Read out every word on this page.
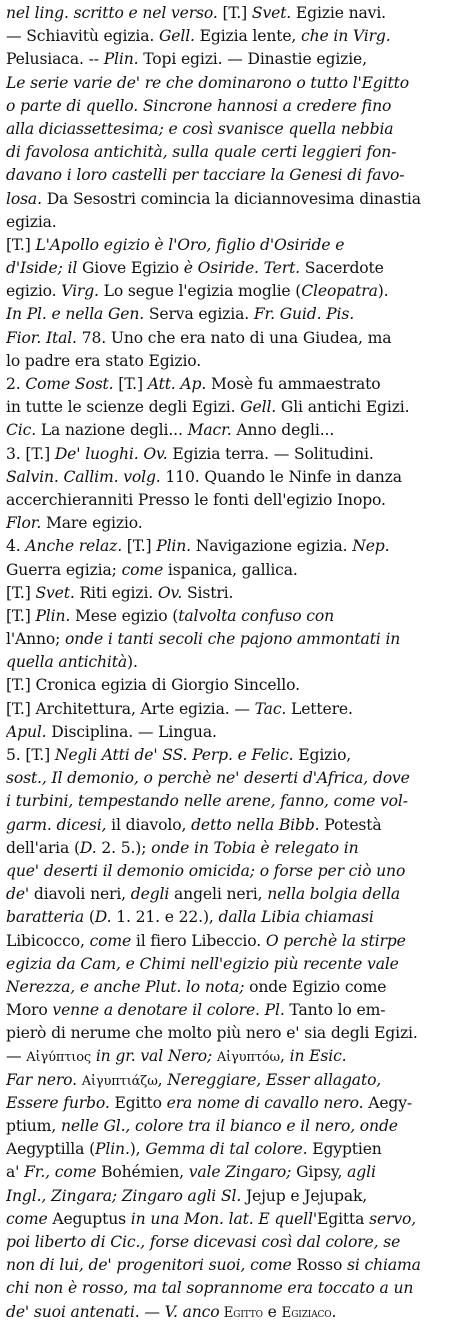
nel ling. scritto e nel verso. [T.] Svet. Egizie navi.
— Schiavitù egizia. Gell. Egizia lente, che in Virg.
Pelusiaca. -- Plin. Topi egizi. — Dinastie egizie,
Le serie varie de' re che dominarono o tutto l'Egitto
o parte di quello. Sincrone hannosi a credere fino
alla diciassettesima; e così svanisce quella nebbia
di favolosa antichità, sulla quale certi leggieri fon-
davano i loro castelli per tacciare la Genesi di favo-
losa. Da Sesostri comincia la diciannovesima dinastia
egizia.
[T.] L'Apollo egizio è l'Oro, figlio d'Osiride e
d'Iside; il Giove Egizio è Osiride. Tert. Sacerdote
egizio. Virg. Lo segue l'egizia moglie (Cleopatra).
In Pl. e nella Gen. Serva egizia. Fr. Guid. Pis.
Fior. Ital. 78. Uno che era nato di una Giudea, ma
lo padre era stato Egizio.
2. Come Sost. [T.] Att. Ap. Mosè fu ammaestrato
in tutte le scienze degli Egizi. Gell. Gli antichi Egizi.
Cic. La nazione degli... Macr. Anno degli...
3. [T.] De' luoghi. Ov. Egizia terra. — Solitudini.
Salvin. Callim. volg. 110. Quando le Ninfe in danza
accerchieranniti Presso le fonti dell'egizio Inopo.
Flor. Mare egizio.
4. Anche relaz. [T.] Plin. Navigazione egizia. Nep.
Guerra egizia; come ispanica, gallica.
[T.] Svet. Riti egizi. Ov. Sistri.
[T.] Plin. Mese egizio (talvolta confuso con
l'Anno; onde i tanti secoli che pajono ammontati in
quella antichità).
[T.] Cronica egizia di Giorgio Sincello.
[T.] Architettura, Arte egizia. — Tac. Lettere.
Apul. Disciplina. — Lingua.
5. [T.] Negli Atti de' SS. Perp. e Felic. Egizio,
sost., Il demonio, o perchè ne' deserti d'Africa, dove
i turbini, tempestando nelle arene, fanno, come vol-
garm. dicesi, il diavolo, detto nella Bibb. Potestà
dell'aria (D. 2. 5.); onde in Tobia è relegato in
que' deserti il demonio omicida; o forse per ciò uno
de' diavoli neri, degli angeli neri, nella bolgia della
baratteria (D. 1. 21. e 22.), dalla Libia chiamasi
Libicocco, come il fiero Libeccio. O perchè la stirpe
egizia da Cam, e Chimi nell'egizio più recente vale
Nerezza, e anche Plut. lo nota; onde Egizio come
Moro venne a denotare il colore. Pl. Tanto lo em-
pierò di nerume che molto più nero e' sia degli Egizi.
— Αἰγύπτιος in gr. val Nero; Αἰγυπτόω, in Esic.
Far nero. Αἰγυπτιάζω, Nereggiare, Esser allagato,
Essere furbo. Egitto era nome di cavallo nero. Aegy-
ptium, nelle Gl., colore tra il bianco e il nero, onde
Aegyptilla (Plin.), Gemma di tal colore. Egyptien
a' Fr., come Bohémien, vale Zingaro; Gipsy, agli
Ingl., Zingara; Zingaro agli Sl. Jejup e Jejupak,
come Aeguptus in una Mon. lat. E quell'Egitta servo,
poi liberto di Cic., forse dicevasi così dal colore, se
non di lui, de' progenitori suoi, come Rosso si chiama
chi non è rosso, ma tal soprannome era toccato a un
de' suoi antenati. — V. anco Egitto e Egiziaco.
